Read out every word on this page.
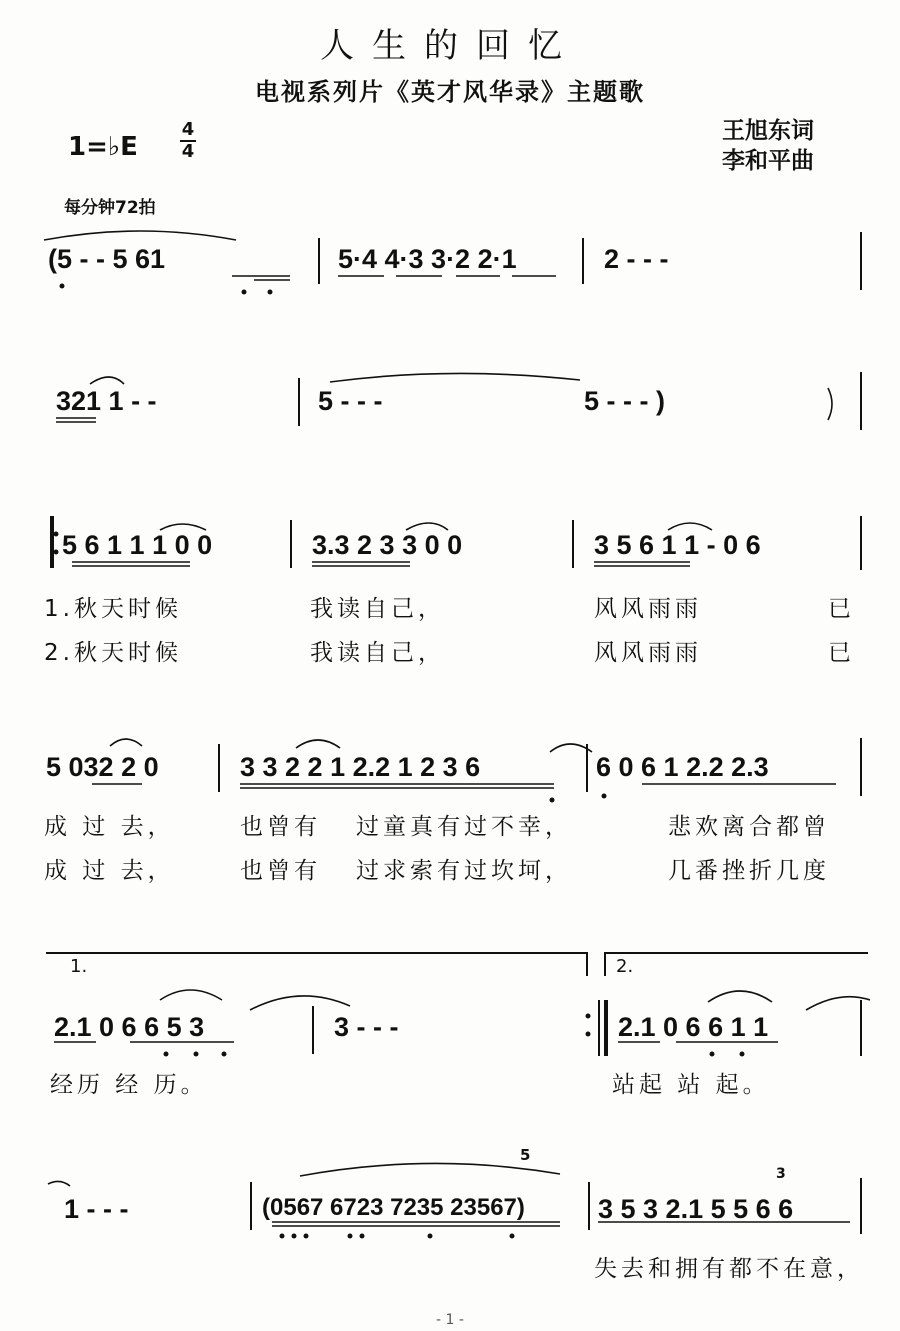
人生的回忆
电视系列片《英才风华录》主题歌
1=♭E
4
4
王旭东词
李和平曲
每分钟72拍
(5 - - 5 61	5·4 4·3 3·2 2·1	2 - - -
321 1 - -	5 - - -	5 - - - )
5 6 1 1 1 0 0	3.3 2 3 3 0 0	3 5 6 1 1 - 0 6
1.秋天时候	我读自己，	风风雨雨	已
2.秋天时候	我读自己，	风风雨雨	已
5 032 2 0	3 3 2 2 1 2.2 1 2 3 6	6 0 6 1 2.2 2.3
成 过 去，	也曾有 过童真有过不幸，	悲欢离合都曾
成 过 去，	也曾有 过求索有过坎坷，	几番挫折几度
1.	2.
2.1 0 6 6 5 3	3 - - -	2.1 0 6 6 1 1
经历 经 历。	站起 站 起。
1 - - -	(0567 6723 7235 23567)
5
3 5 3 2.1 5 5 6 6
3
失去和拥有都不在意，
- 1 -
